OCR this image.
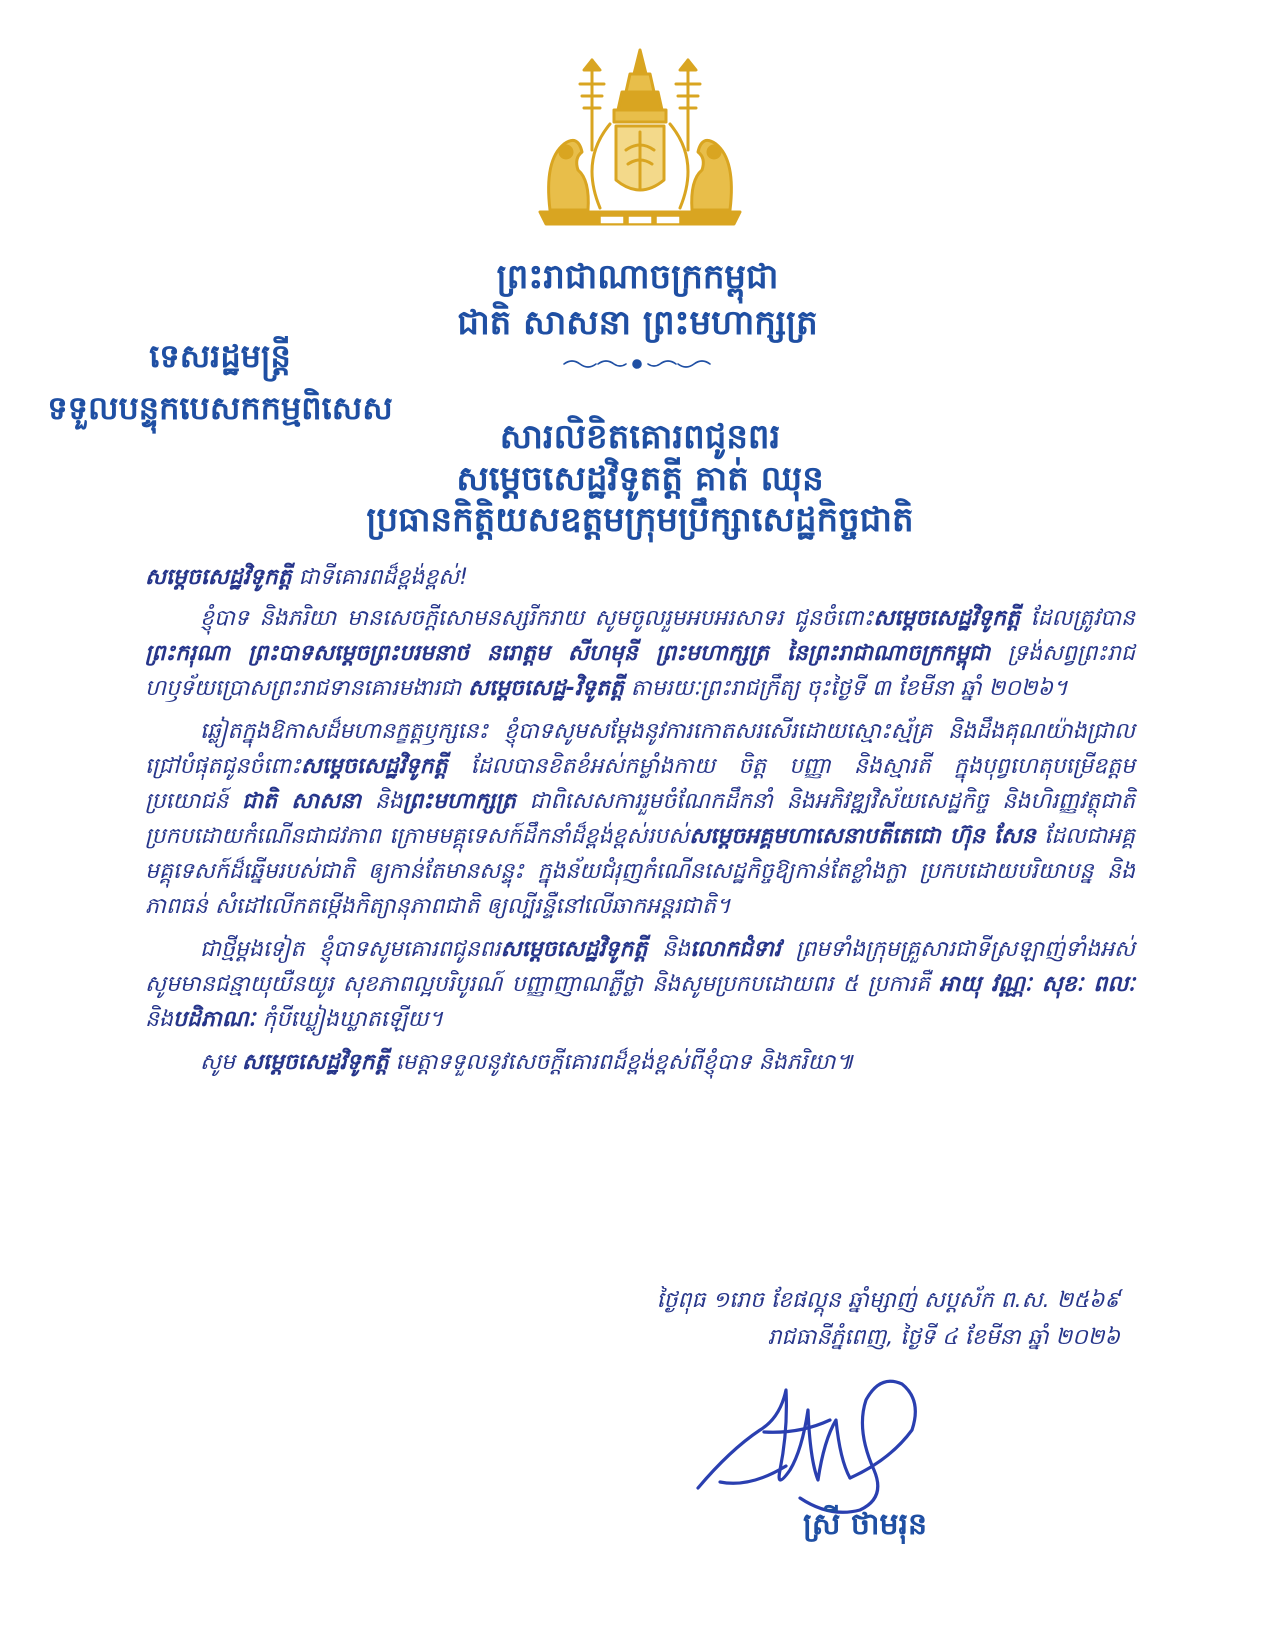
ព្រះរាជាណាចក្រកម្ពុជា
ជាតិ សាសនា ព្រះមហាក្សត្រ
ទេសរដ្ឋមន្ត្រី
ទទួលបន្ទុកបេសកកម្មពិសេស
សារលិខិតគោរពជូនពរ
សម្តេចសេដ្ឋវិទូតត្តី គាត់ ឈុន
ប្រធានកិត្តិយសឧត្តមក្រុមប្រឹក្សាសេដ្ឋកិច្ចជាតិ

សម្តេចសេដ្ឋវិទូកត្តី ជាទីគោរពដ៏ខ្ពង់ខ្ពស់!

ខ្ញុំបាទ និងភរិយា មានសេចក្តីសោមនស្សរីករាយ សូមចូលរួមអបអរសាទរ ជូនចំពោះសម្តេចសេដ្ឋវិទូកត្តី ដែលត្រូវបាន ព្រះករុណា ព្រះបាទសម្តេចព្រះបរមនាថ នរោត្តម សីហមុនី ព្រះមហាក្សត្រ នៃព្រះរាជាណាចក្រកម្ពុជា ទ្រង់សព្វព្រះរាជហឫទ័យប្រោសព្រះរាជទានគោរមងារជា សម្តេចសេដ្ឋ-វិទូតត្តី តាមរយៈព្រះរាជក្រឹត្យ ចុះថ្ងៃទី ៣ ខែមីនា ឆ្នាំ ២០២៦។

ឆ្លៀតក្នុងឱកាសដ៏មហានក្ខត្តឫក្សនេះ ខ្ញុំបាទសូមសម្តែងនូវការកោតសរសើរដោយស្មោះស្ម័គ្រ និងដឹងគុណយ៉ាងជ្រាលជ្រៅបំផុតជូនចំពោះសម្តេចសេដ្ឋវិទូកត្តី ដែលបានខិតខំអស់កម្លាំងកាយ ចិត្ត បញ្ញា និងស្មារតី ក្នុងបុព្វហេតុបម្រើឧត្តមប្រយោជន៍ ជាតិ សាសនា និងព្រះមហាក្សត្រ ជាពិសេសការរួមចំណែកដឹកនាំ និងអភិវឌ្ឍវិស័យសេដ្ឋកិច្ច និងហិរញ្ញវត្ថុជាតិ ប្រកបដោយកំណើនជាជវភាព ក្រោមមគ្គុទេសក៍ដឹកនាំដ៏ខ្ពង់ខ្ពស់របស់សម្តេចអគ្គមហាសេនាបតីតេជោ ហ៊ុន សែន ដែលជាអគ្គមគ្គុទេសក៍ដ៏ឆ្នើមរបស់ជាតិ ឲ្យកាន់តែមានសន្ទុះ ក្នុងន័យជំរុញកំណើនសេដ្ឋកិច្ចឱ្យកាន់តែខ្លាំងក្លា ប្រកបដោយបរិយាបន្ន និងភាពធន់ សំដៅលើកតម្កើងកិត្យានុភាពជាតិ ឲ្យល្បីរន្ទឺនៅលើឆាកអន្តរជាតិ។

ជាថ្មីម្តងទៀត ខ្ញុំបាទសូមគោរពជូនពរសម្តេចសេដ្ឋវិទូកត្តី និងលោកជំទាវ ព្រមទាំងក្រុមគ្រួសារជាទីស្រឡាញ់ទាំងអស់ សូមមានជន្មាយុយឺនយូរ សុខភាពល្អបរិបូរណ៍ បញ្ញាញាណភ្លឺថ្លា និងសូមប្រកបដោយពរ ៥ ប្រការគឺ អាយុ វណ្ណៈ សុខៈ ពលៈ និងបដិភាណៈ កុំបីឃ្លៀងឃ្លាតឡើយ។

សូម សម្តេចសេដ្ឋវិទូកត្តី មេត្តាទទួលនូវសេចក្តីគោរពដ៏ខ្ពង់ខ្ពស់ពីខ្ញុំបាទ និងភរិយា៕

ថ្ងៃពុធ ១រោច ខែផល្គុន ឆ្នាំម្សាញ់ សប្តស័ក ព.ស. ២៥៦៩
រាជធានីភ្នំពេញ, ថ្ងៃទី ៤ ខែមីនា ឆ្នាំ ២០២៦
ស្រី ថាមរុន
